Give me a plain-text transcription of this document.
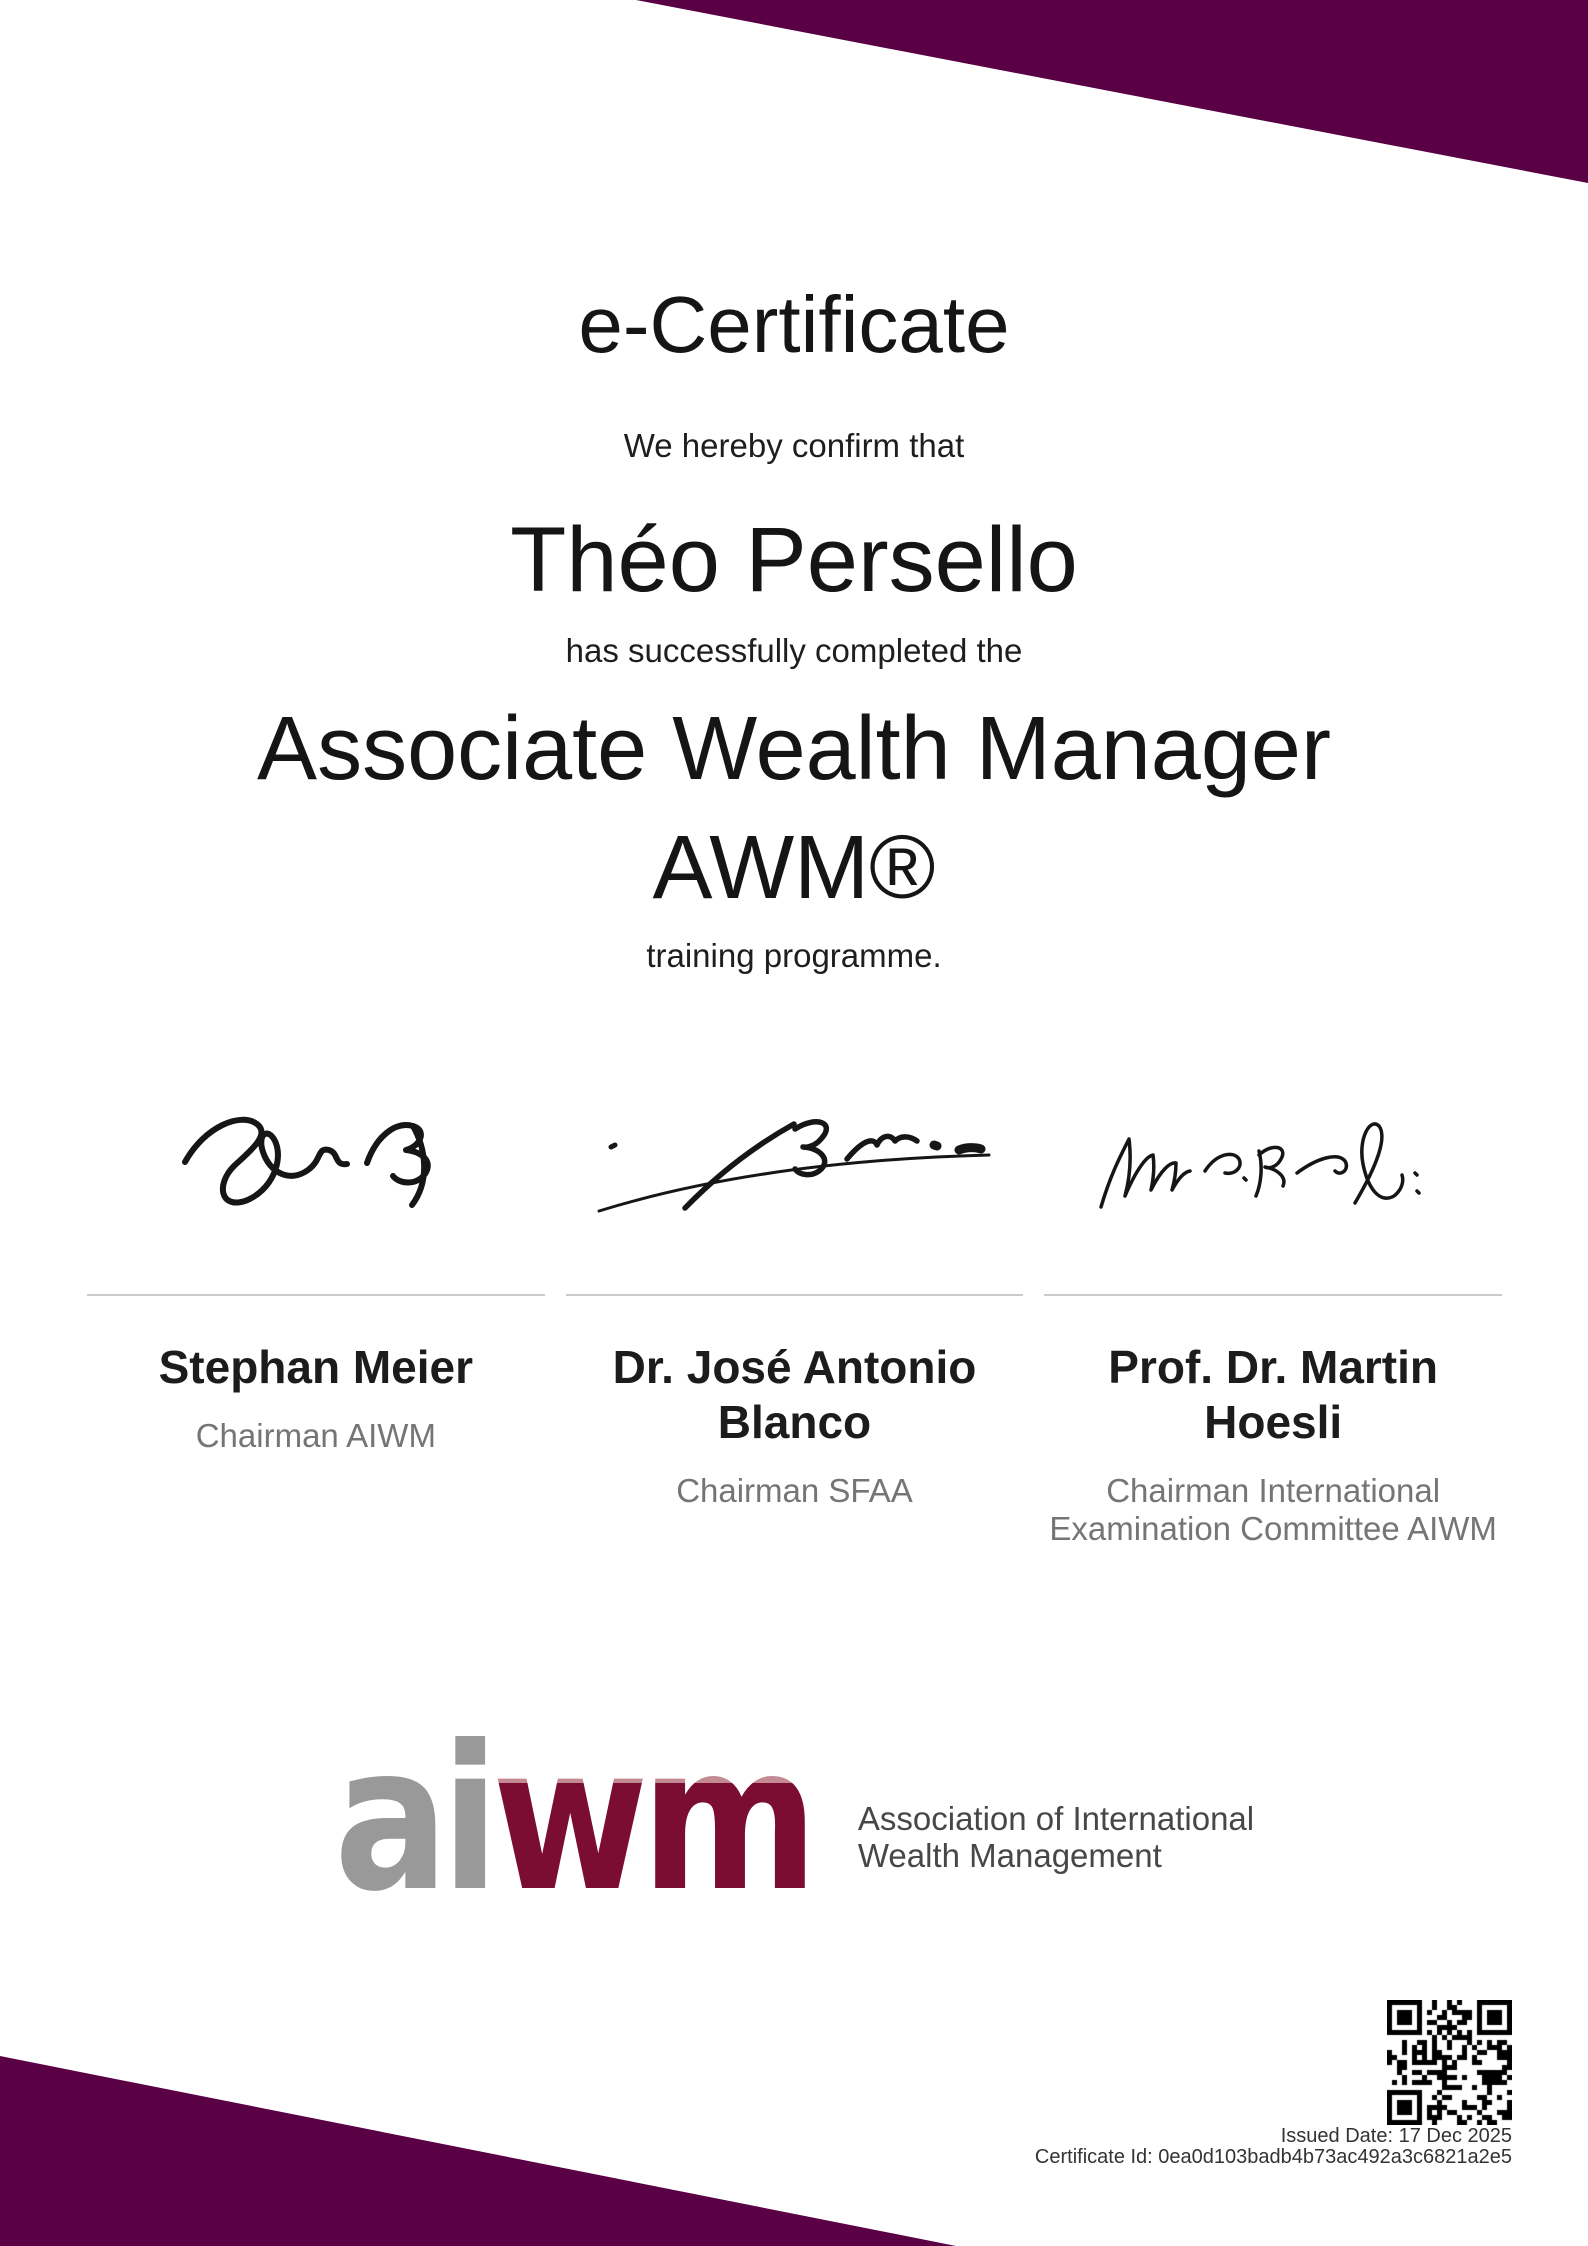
e-Certificate

We hereby confirm that

Théo Persello

has successfully completed the

Associate Wealth Manager
AWM®

training programme.

Stephan Meier

Chairman AIWM

Dr. José Antonio Blanco

Chairman SFAA

Prof. Dr. Martin Hoesli

Chairman International Examination Committee AIWM

aiwm	Association of International
Wealth Management
Issued Date: 17 Dec 2025
Certificate Id: 0ea0d103badb4b73ac492a3c6821a2e5
